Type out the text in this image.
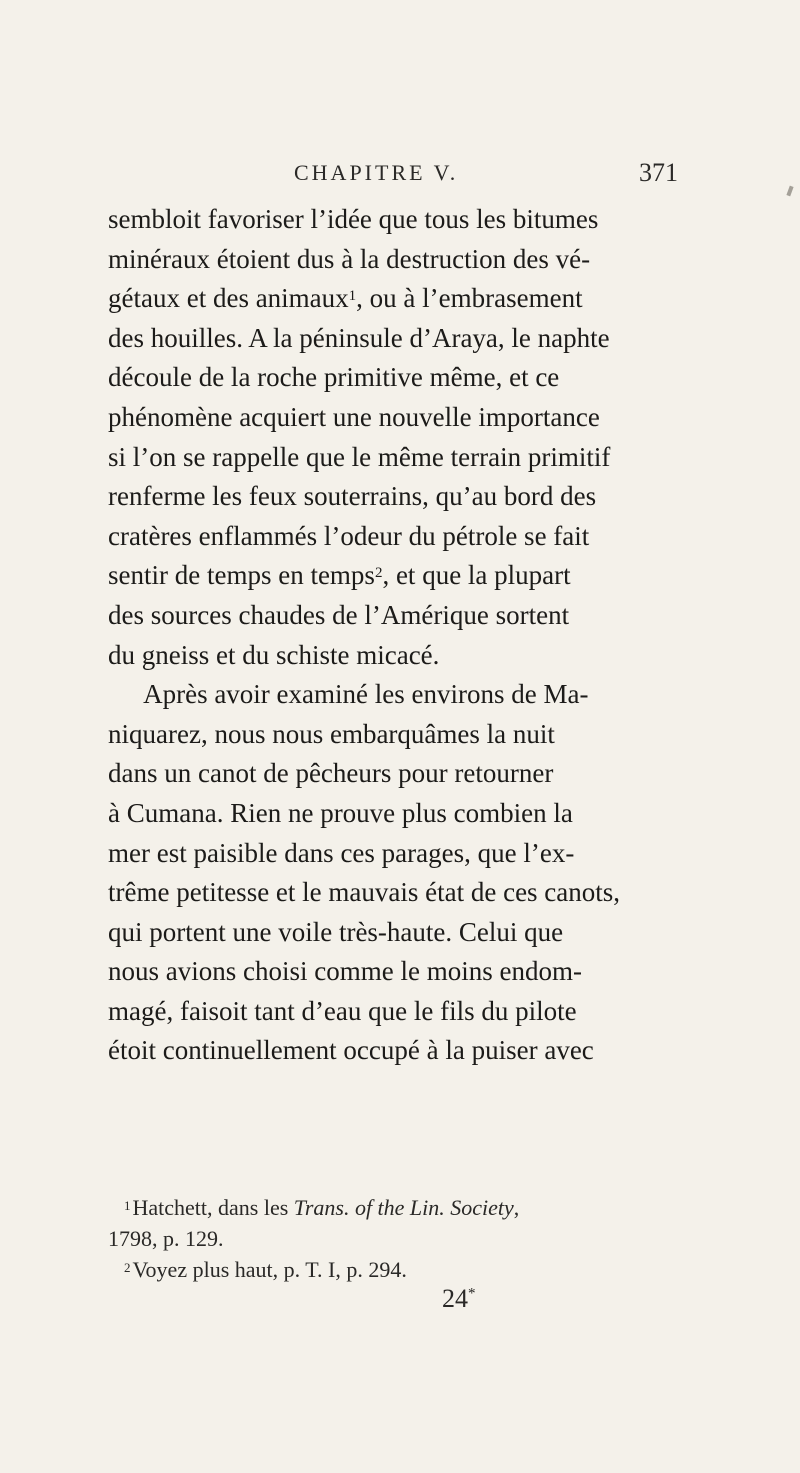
CHAPITRE V.	371

sembloit favoriser l’idée que tous les bitumes
minéraux étoient dus à la destruction des vé-
gétaux et des animaux$^1$, ou à l’embrasement
des houilles. A la péninsule d’Araya, le naphte
découle de la roche primitive même, et ce
phénomène acquiert une nouvelle importance
si l’on se rappelle que le même terrain primitif
renferme les feux souterrains, qu’au bord des
cratères enflammés l’odeur du pétrole se fait
sentir de temps en temps$^2$, et que la plupart
des sources chaudes de l’Amérique sortent
du gneiss et du schiste micacé.

Après avoir examiné les environs de Ma-
niquarez, nous nous embarquâmes la nuit
dans un canot de pêcheurs pour retourner
à Cumana. Rien ne prouve plus combien la
mer est paisible dans ces parages, que l’ex-
trême petitesse et le mauvais état de ces canots,
qui portent une voile très-haute. Celui que
nous avions choisi comme le moins endom-
magé, faisoit tant d’eau que le fils du pilote
étoit continuellement occupé à la puiser avec

$^1$Hatchett, dans les Trans. of the Lin. Society,
1798, p. 129.

$^2$Voyez plus haut, p. T. I, p. 294.

24*
